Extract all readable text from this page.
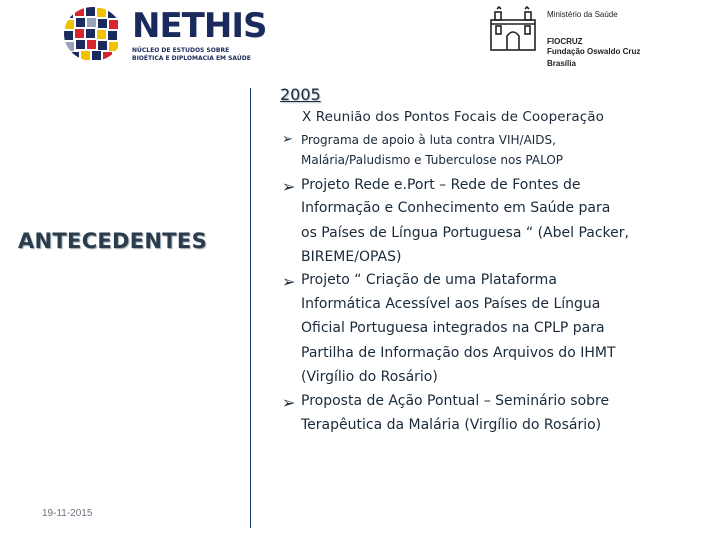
NETHIS
NÚCLEO DE ESTUDOS SOBRE
BIOÉTICA E DIPLOMACIA EM SAÚDE
Ministério da Saúde
FIOCRUZ
Fundação Oswaldo Cruz
Brasília
ANTECEDENTES
19-11-2015
2005
X Reunião dos Pontos Focais de Cooperação
➢ Programa de apoio à luta contra VIH/AIDS,
Malária/Paludismo e Tuberculose nos PALOP
➢ Projeto Rede e.Port – Rede de Fontes de
Informação e Conhecimento em Saúde para
os Países de Língua Portuguesa “ (Abel Packer,
BIREME/OPAS)
➢ Projeto “ Criação de uma Plataforma
Informática Acessível aos Países de Língua
Oficial Portuguesa integrados na CPLP para
Partilha de Informação dos Arquivos do IHMT
(Virgílio do Rosário)
➢ Proposta de Ação Pontual – Seminário sobre
Terapêutica da Malária (Virgílio do Rosário)
